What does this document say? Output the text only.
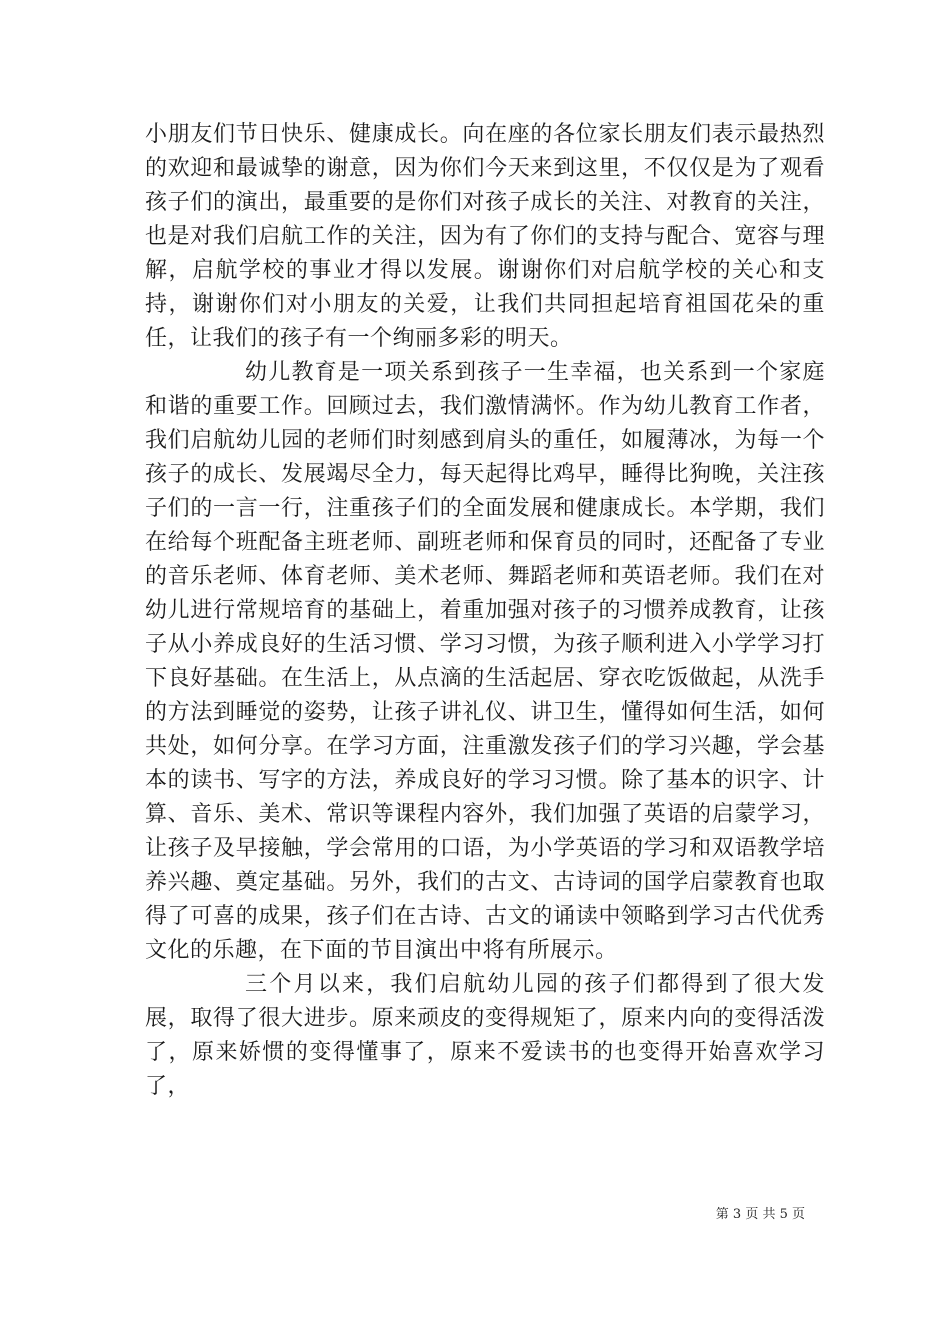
小朋友们节日快乐、健康成长。向在座的各位家长朋友们表示最热烈的欢迎和最诚挚的谢意，因为你们今天来到这里，不仅仅是为了观看孩子们的演出，最重要的是你们对孩子成长的关注、对教育的关注，也是对我们启航工作的关注，因为有了你们的支持与配合、宽容与理解，启航学校的事业才得以发展。谢谢你们对启航学校的关心和支持，谢谢你们对小朋友的关爱，让我们共同担起培育祖国花朵的重任，让我们的孩子有一个绚丽多彩的明天。

幼儿教育是一项关系到孩子一生幸福，也关系到一个家庭和谐的重要工作。回顾过去，我们激情满怀。作为幼儿教育工作者，我们启航幼儿园的老师们时刻感到肩头的重任，如履薄冰，为每一个孩子的成长、发展竭尽全力，每天起得比鸡早，睡得比狗晚，关注孩子们的一言一行，注重孩子们的全面发展和健康成长。本学期，我们在给每个班配备主班老师、副班老师和保育员的同时，还配备了专业的音乐老师、体育老师、美术老师、舞蹈老师和英语老师。我们在对幼儿进行常规培育的基础上，着重加强对孩子的习惯养成教育，让孩子从小养成良好的生活习惯、学习习惯，为孩子顺利进入小学学习打下良好基础。在生活上，从点滴的生活起居、穿衣吃饭做起，从洗手的方法到睡觉的姿势，让孩子讲礼仪、讲卫生，懂得如何生活，如何共处，如何分享。在学习方面，注重激发孩子们的学习兴趣，学会基本的读书、写字的方法，养成良好的学习习惯。除了基本的识字、计算、音乐、美术、常识等课程内容外，我们加强了英语的启蒙学习，让孩子及早接触，学会常用的口语，为小学英语的学习和双语教学培养兴趣、奠定基础。另外，我们的古文、古诗词的国学启蒙教育也取得了可喜的成果，孩子们在古诗、古文的诵读中领略到学习古代优秀文化的乐趣，在下面的节目演出中将有所展示。

三个月以来，我们启航幼儿园的孩子们都得到了很大发展，取得了很大进步。原来顽皮的变得规矩了，原来内向的变得活泼了，原来娇惯的变得懂事了，原来不爱读书的也变得开始喜欢学习了，

第 3 页 共 5 页
